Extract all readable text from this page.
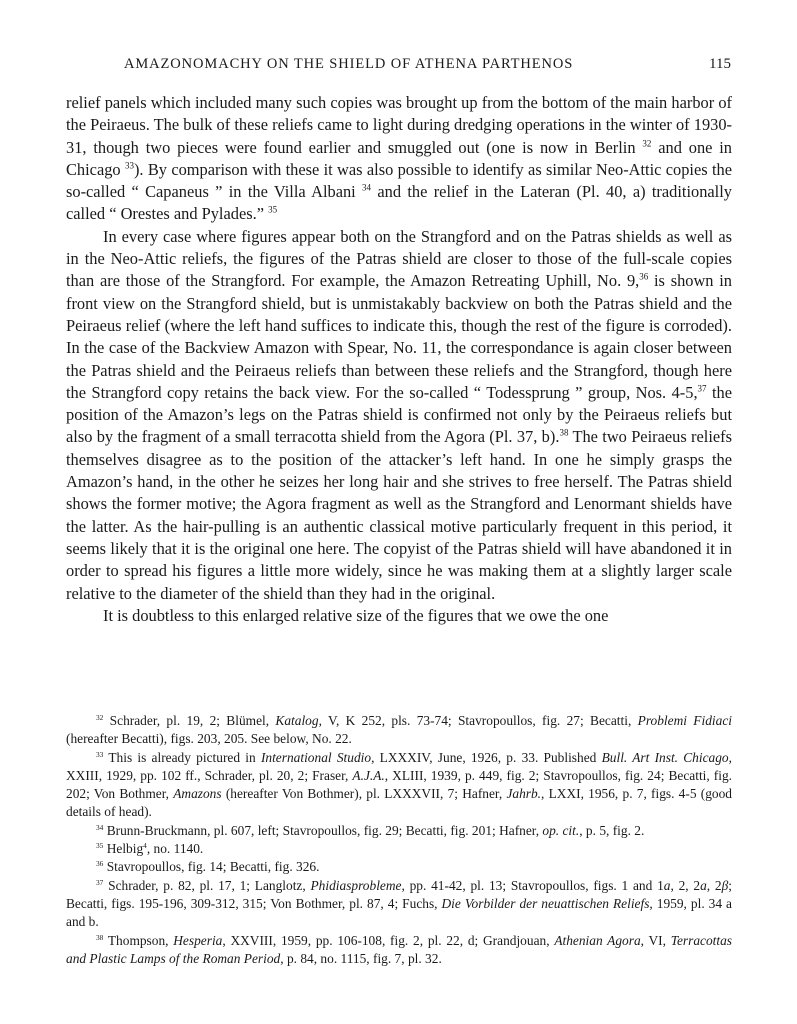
AMAZONOMACHY ON THE SHIELD OF ATHENA PARTHENOS	115

relief panels which included many such copies was brought up from the bottom of the main harbor of the Peiraeus. The bulk of these reliefs came to light during dredging operations in the winter of 1930-31, though two pieces were found earlier and smuggled out (one is now in Berlin $^{32}$ and one in Chicago $^{33}$). By comparison with these it was also possible to identify as similar Neo-Attic copies the so-called “ Capaneus ” in the Villa Albani $^{34}$ and the relief in the Lateran (Pl. 40, a) traditionally called “ Orestes and Pylades.” $^{35}$

In every case where figures appear both on the Strangford and on the Patras shields as well as in the Neo-Attic reliefs, the figures of the Patras shield are closer to those of the full-scale copies than are those of the Strangford. For example, the Amazon Retreating Uphill, No. 9,36 is shown in front view on the Strangford shield, but is unmistakably backview on both the Patras shield and the Peiraeus relief (where the left hand suffices to indicate this, though the rest of the figure is corroded). In the case of the Backview Amazon with Spear, No. 11, the correspondance is again closer between the Patras shield and the Peiraeus reliefs than between these reliefs and the Strangford, though here the Strangford copy retains the back view. For the so-called “ Todessprung ” group, Nos. 4-5,37 the position of the Amazon’s legs on the Patras shield is confirmed not only by the Peiraeus reliefs but also by the fragment of a small terracotta shield from the Agora (Pl. 37, b).$^{38}$ The two Peiraeus reliefs themselves disagree as to the position of the attacker’s left hand. In one he simply grasps the Amazon’s hand, in the other he seizes her long hair and she strives to free herself. The Patras shield shows the former motive; the Agora fragment as well as the Strangford and Lenormant shields have the latter. As the hair-pulling is an authentic classical motive particularly frequent in this period, it seems likely that it is the original one here. The copyist of the Patras shield will have abandoned it in order to spread his figures a little more widely, since he was making them at a slightly larger scale relative to the diameter of the shield than they had in the original.

It is doubtless to this enlarged relative size of the figures that we owe the one

$^{32}$ Schrader, pl. 19, 2; Blümel, Katalog, V, K 252, pls. 73-74; Stavropoullos, fig. 27; Becatti, Problemi Fidiaci (hereafter Becatti), figs. 203, 205. See below, No. 22.

$^{33}$ This is already pictured in International Studio, LXXXIV, June, 1926, p. 33. Published Bull. Art Inst. Chicago, XXIII, 1929, pp. 102 ff., Schrader, pl. 20, 2; Fraser, A.J.A., XLIII, 1939, p. 449, fig. 2; Stavropoullos, fig. 24; Becatti, fig. 202; Von Bothmer, Amazons (hereafter Von Bothmer), pl. LXXXVII, 7; Hafner, Jahrb., LXXI, 1956, p. 7, figs. 4-5 (good details of head).

$^{34}$ Brunn-Bruckmann, pl. 607, left; Stavropoullos, fig. 29; Becatti, fig. 201; Hafner, op. cit., p. 5, fig. 2.

$^{35}$ Helbig$^4$, no. 1140.

$^{36}$ Stavropoullos, fig. 14; Becatti, fig. 326.

$^{37}$ Schrader, p. 82, pl. 17, 1; Langlotz, Phidiasprobleme, pp. 41-42, pl. 13; Stavropoullos, figs. 1 and 1a, 2, 2a, 2β; Becatti, figs. 195-196, 309-312, 315; Von Bothmer, pl. 87, 4; Fuchs, Die Vorbilder der neuattischen Reliefs, 1959, pl. 34 a and b.

$^{38}$ Thompson, Hesperia, XXVIII, 1959, pp. 106-108, fig. 2, pl. 22, d; Grandjouan, Athenian Agora, VI, Terracottas and Plastic Lamps of the Roman Period, p. 84, no. 1115, fig. 7, pl. 32.
